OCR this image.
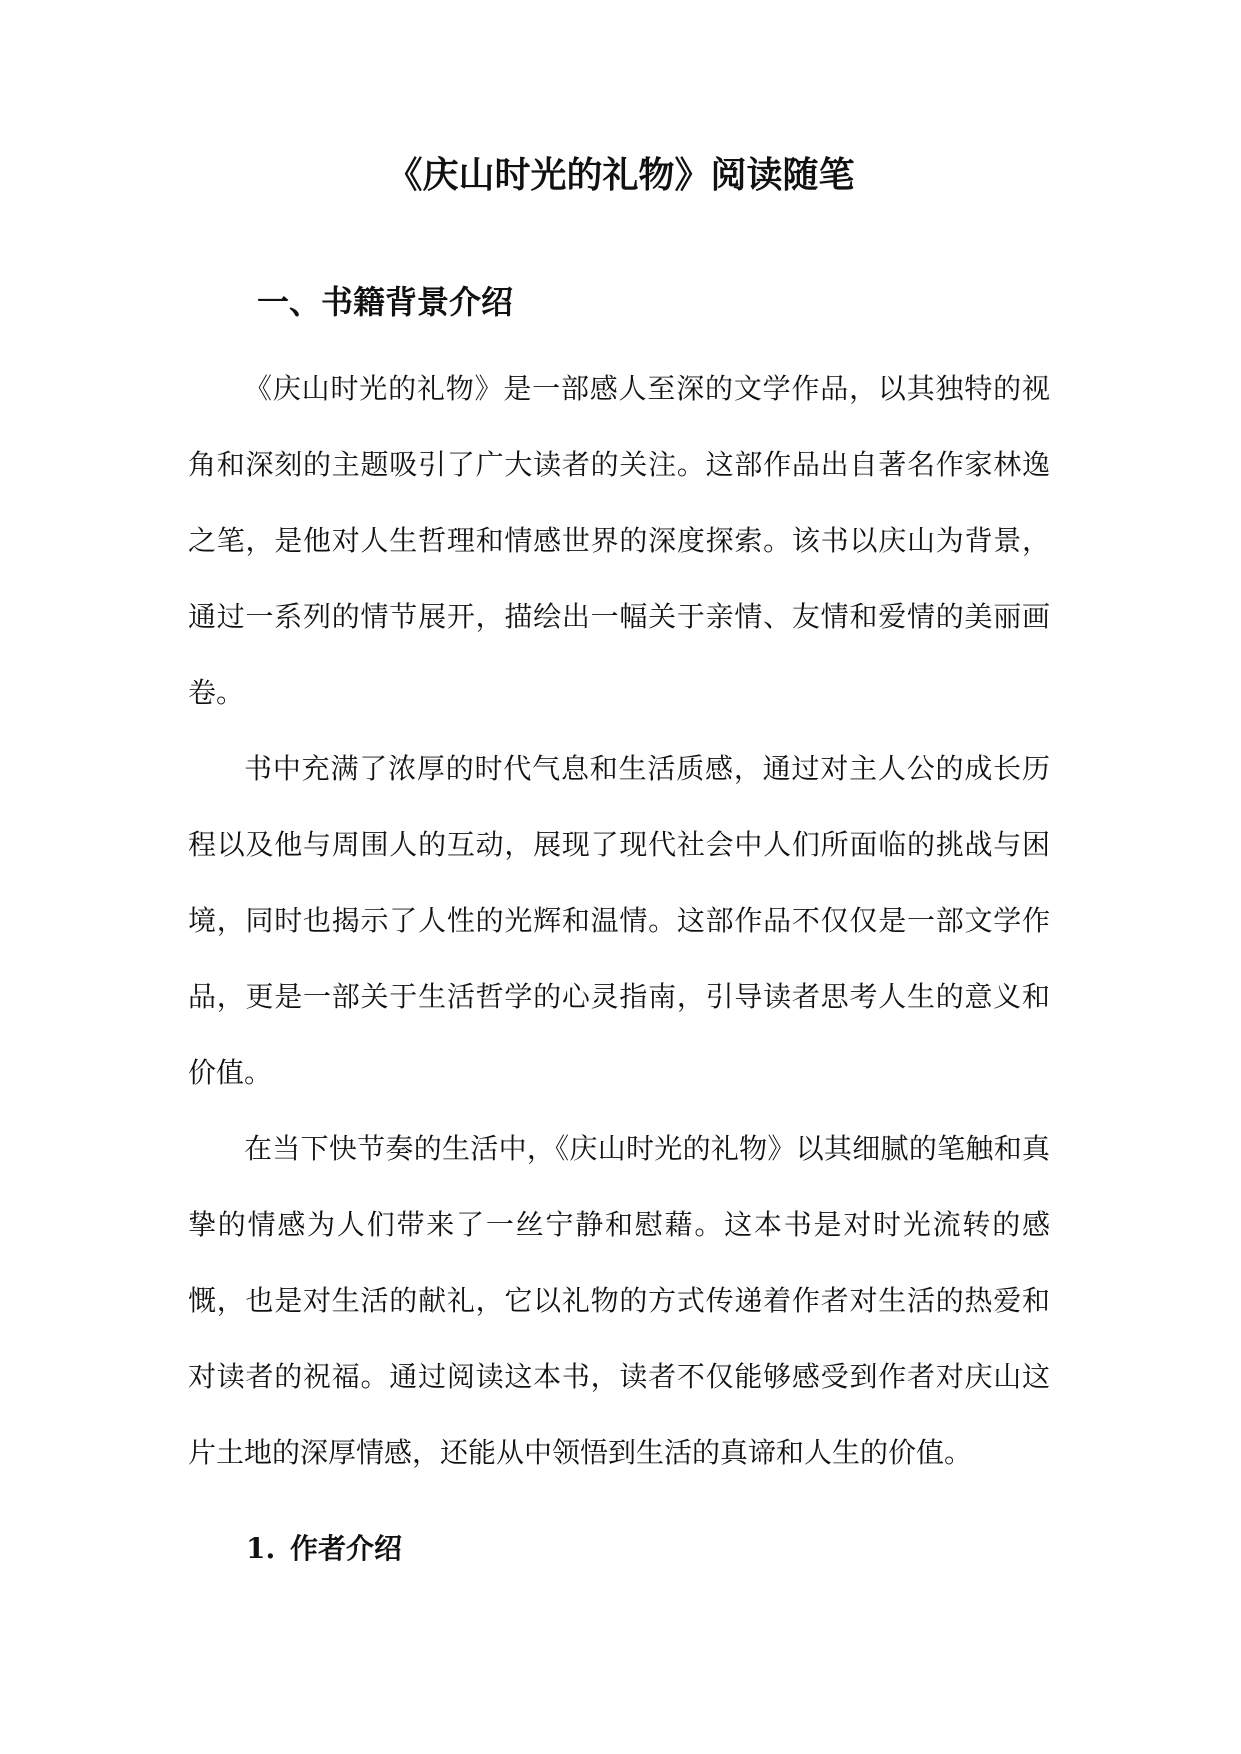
《庆山时光的礼物》阅读随笔
一、书籍背景介绍

《庆山时光的礼物》是一部感人至深的文学作品，以其独特的视角和深刻的主题吸引了广大读者的关注。这部作品出自著名作家林逸之笔，是他对人生哲理和情感世界的深度探索。该书以庆山为背景，通过一系列的情节展开，描绘出一幅关于亲情、友情和爱情的美丽画卷。

书中充满了浓厚的时代气息和生活质感，通过对主人公的成长历程以及他与周围人的互动，展现了现代社会中人们所面临的挑战与困境，同时也揭示了人性的光辉和温情。这部作品不仅仅是一部文学作品，更是一部关于生活哲学的心灵指南，引导读者思考人生的意义和价值。

在当下快节奏的生活中，《庆山时光的礼物》以其细腻的笔触和真挚的情感为人们带来了一丝宁静和慰藉。这本书是对时光流转的感慨，也是对生活的献礼，它以礼物的方式传递着作者对生活的热爱和对读者的祝福。通过阅读这本书，读者不仅能够感受到作者对庆山这片土地的深厚情感，还能从中领悟到生活的真谛和人生的价值。

1. 作者介绍
